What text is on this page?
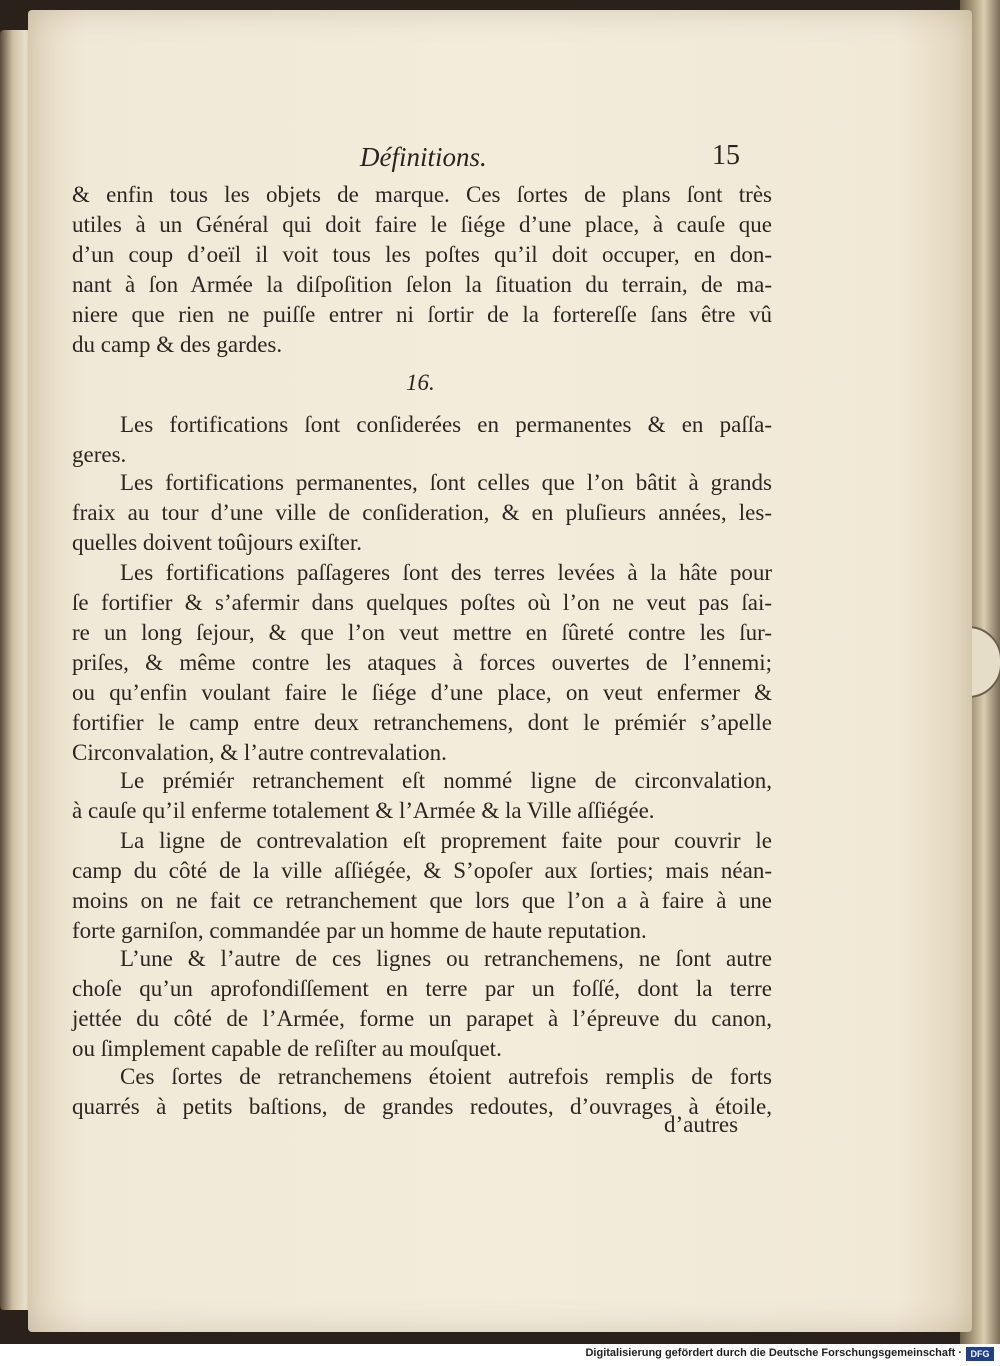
Définitions.	15
& enfin tous les objets de marque. Ces ſortes de plans ſont très
utiles à un Général qui doit faire le ſiége d’une place, à cauſe que
d’un coup d’oeïl il voit tous les poſtes qu’il doit occuper, en don-
nant à ſon Armée la diſpoſition ſelon la ſituation du terrain, de ma-
niere que rien ne puiſſe entrer ni ſortir de la fortereſſe ſans être vû
du camp & des gardes.
16.
Les fortifications ſont conſiderées en permanentes & en paſſa-
geres.
Les fortifications permanentes, ſont celles que l’on bâtit à grands
fraix au tour d’une ville de conſideration, & en pluſieurs années, les-
quelles doivent toûjours exiſter.
Les fortifications paſſageres ſont des terres levées à la hâte pour
ſe fortifier & s’afermir dans quelques poſtes où l’on ne veut pas ſai-
re un long ſejour, & que l’on veut mettre en ſûreté contre les ſur-
priſes, & même contre les ataques à forces ouvertes de l’ennemi;
ou qu’enfin voulant faire le ſiége d’une place, on veut enfermer &
fortifier le camp entre deux retranchemens, dont le prémiér s’apelle
Circonvalation, & l’autre contrevalation.
Le prémiér retranchement eſt nommé ligne de circonvalation,
à cauſe qu’il enferme totalement & l’Armée & la Ville aſſiégée.
La ligne de contrevalation eſt proprement faite pour couvrir le
camp du côté de la ville aſſiégée, & S’opoſer aux ſorties; mais néan-
moins on ne fait ce retranchement que lors que l’on a à faire à une
forte garniſon, commandée par un homme de haute reputation.
L’une & l’autre de ces lignes ou retranchemens, ne ſont autre
choſe qu’un aprofondiſſement en terre par un foſſé, dont la terre
jettée du côté de l’Armée, forme un parapet à l’épreuve du canon,
ou ſimplement capable de reſiſter au mouſquet.
Ces ſortes de retranchemens étoient autrefois remplis de forts
quarrés à petits baſtions, de grandes redoutes, d’ouvrages à étoile,
d’autres
Digitalisierung gefördert durch die Deutsche Forschungsgemeinschaft · DFG
